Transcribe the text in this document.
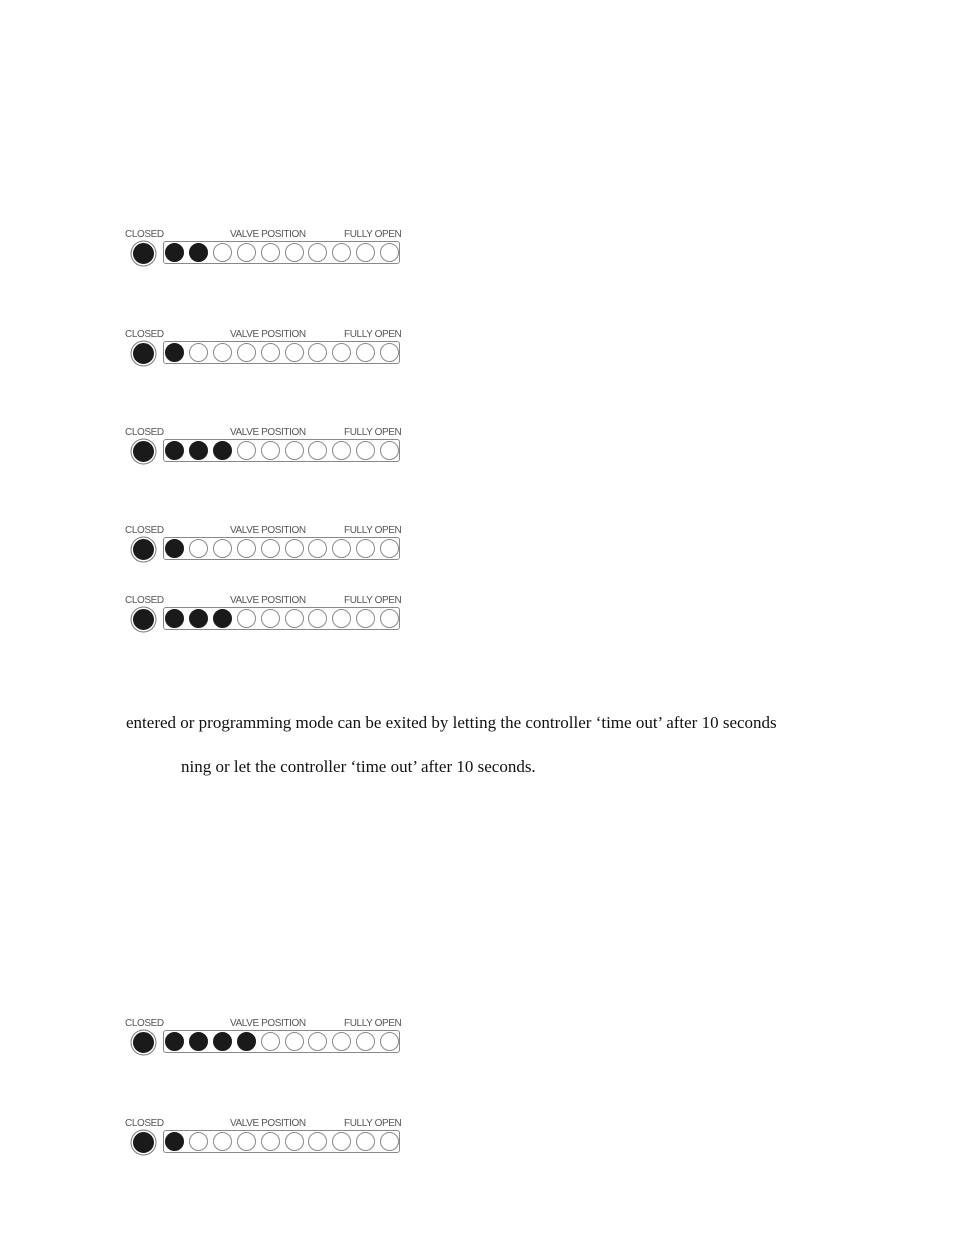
CLOSED	VALVE POSITION	FULLY OPEN
CLOSED	VALVE POSITION	FULLY OPEN
CLOSED	VALVE POSITION	FULLY OPEN
CLOSED	VALVE POSITION	FULLY OPEN
CLOSED	VALVE POSITION	FULLY OPEN
CLOSED	VALVE POSITION	FULLY OPEN
CLOSED	VALVE POSITION	FULLY OPEN
entered or programming mode can be exited by letting the controller ‘time out’ after 10 seconds
ning or let the controller ‘time out’ after 10 seconds.
